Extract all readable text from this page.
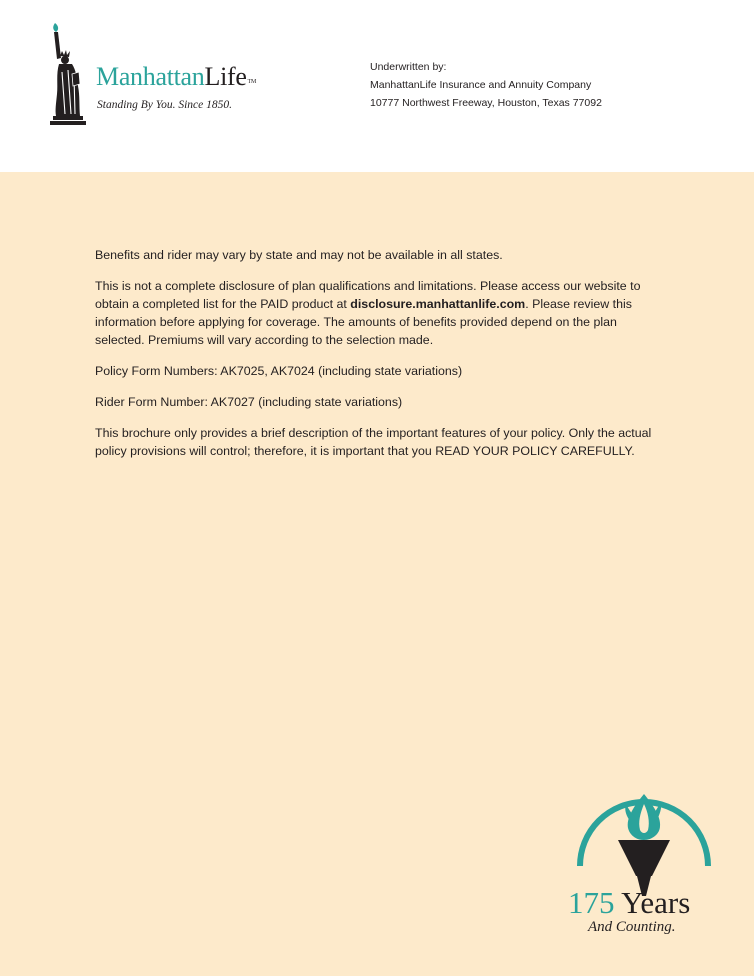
ManhattanLifeTM
Standing By You. Since 1850.
Underwritten by:
ManhattanLife Insurance and Annuity Company
10777 Northwest Freeway, Houston, Texas 77092

Benefits and rider may vary by state and may not be available in all states.

This is not a complete disclosure of plan qualifications and limitations. Please access our website to obtain a completed list for the PAID product at disclosure.manhattanlife.com. Please review this information before applying for coverage. The amounts of benefits provided depend on the plan selected. Premiums will vary according to the selection made.

Policy Form Numbers: AK7025, AK7024 (including state variations)

Rider Form Number: AK7027 (including state variations)

This brochure only provides a brief description of the important features of your policy. Only the actual policy provisions will control; therefore, it is important that you READ YOUR POLICY CAREFULLY.

175 Years
And Counting.
